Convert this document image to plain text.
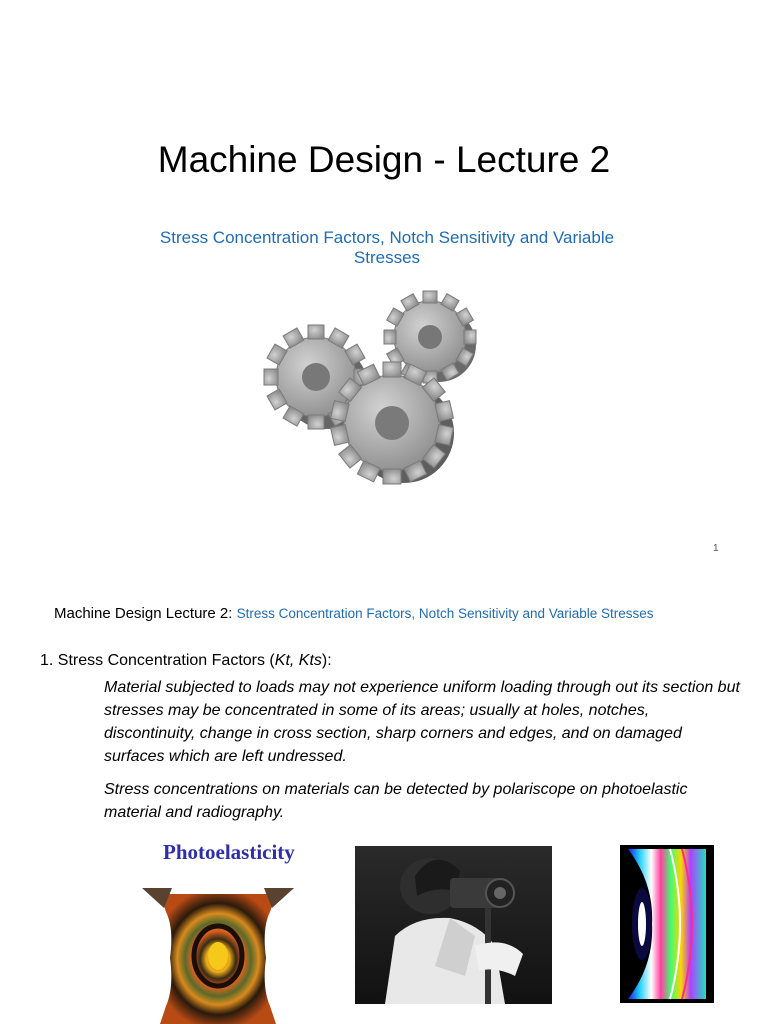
Machine Design - Lecture 2
Stress Concentration Factors, Notch Sensitivity and Variable Stresses
1
Machine Design Lecture 2: Stress Concentration Factors, Notch Sensitivity and Variable Stresses
1. Stress Concentration Factors (Kt, Kts):
Material subjected to loads may not experience uniform loading through out its section but stresses may be concentrated in some of its areas; usually at holes, notches, discontinuity, change in cross section, sharp corners and edges, and on damaged surfaces which are left undressed.
Stress concentrations on materials can be detected by polariscope on photoelastic material and radiography.
Photoelasticity
